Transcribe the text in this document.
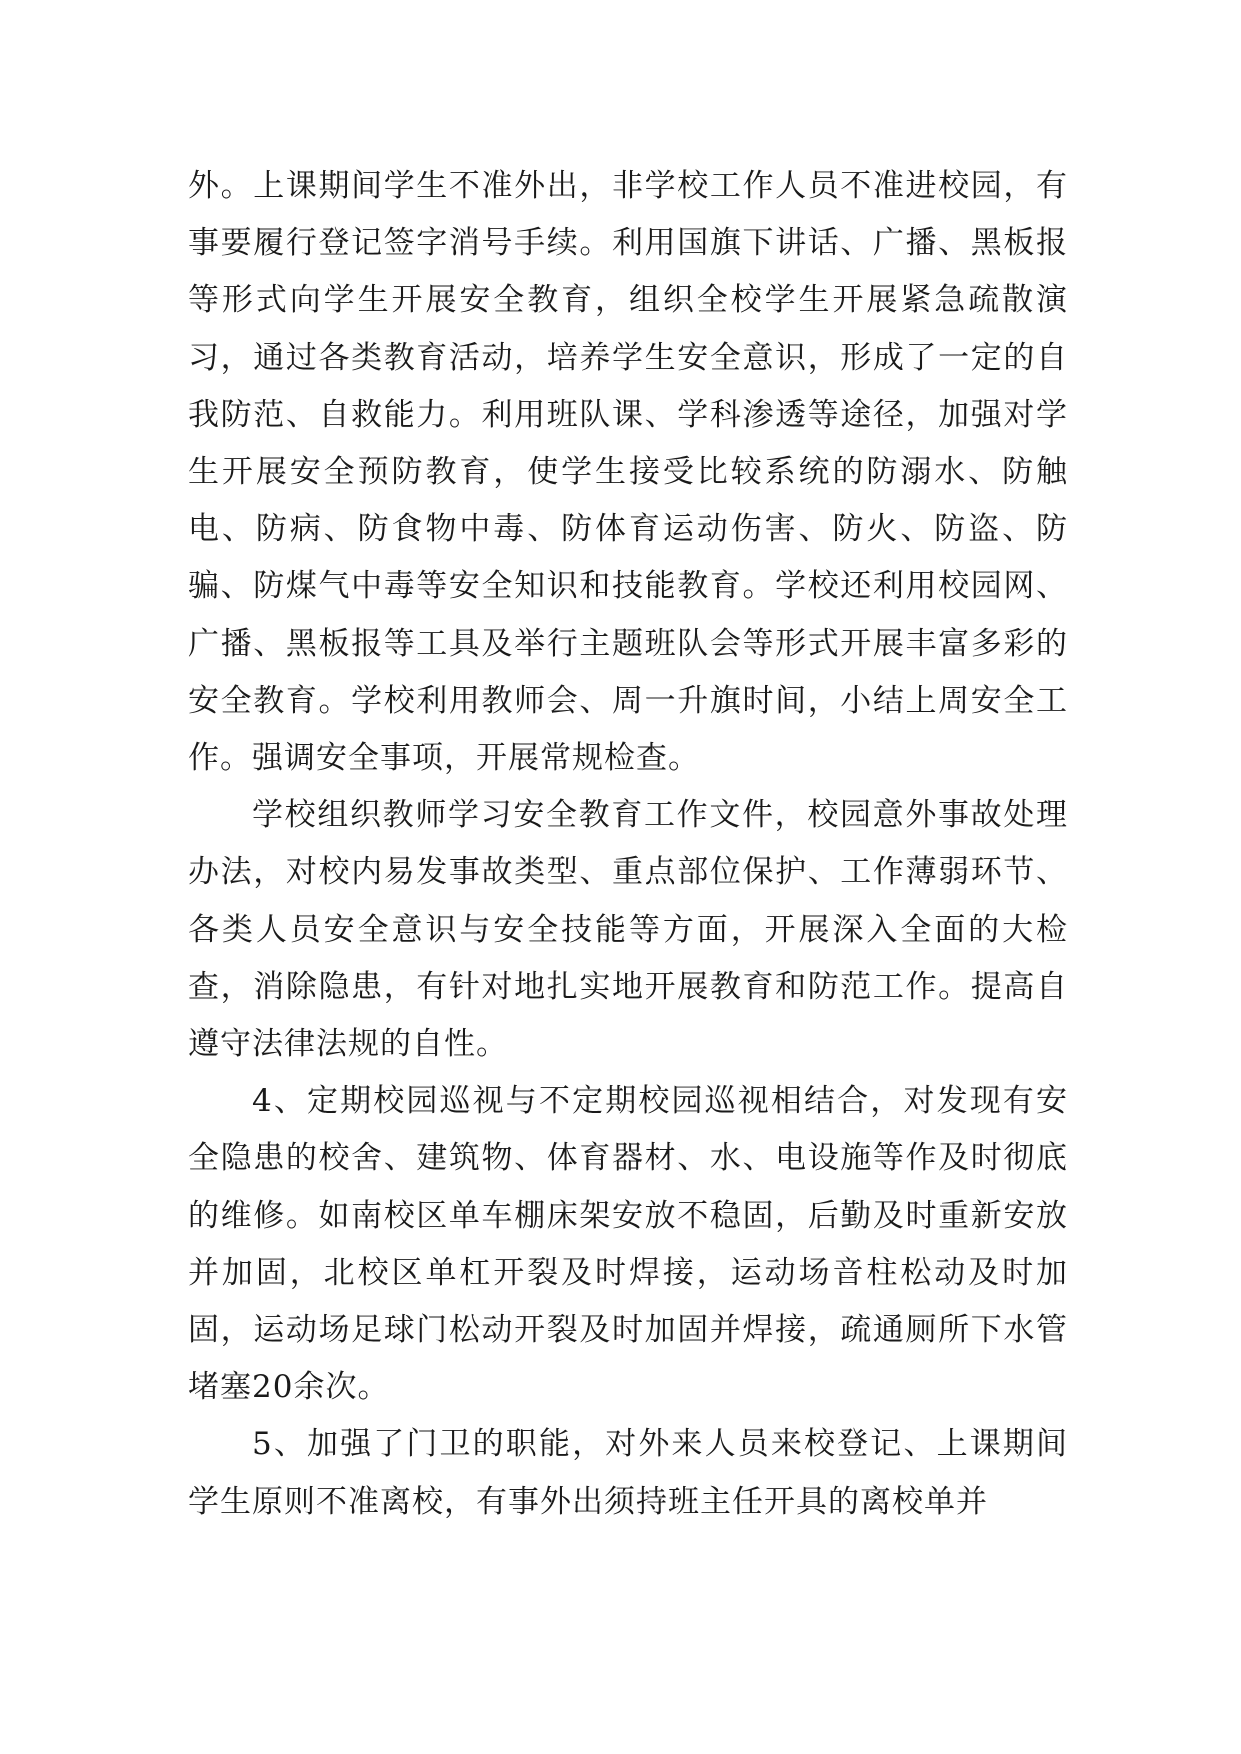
外。上课期间学生不准外出，非学校工作人员不准进校园，有事要履行登记签字消号手续。利用国旗下讲话、广播、黑板报等形式向学生开展安全教育，组织全校学生开展紧急疏散演习，通过各类教育活动，培养学生安全意识，形成了一定的自我防范、自救能力。利用班队课、学科渗透等途径，加强对学生开展安全预防教育，使学生接受比较系统的防溺水、防触电、防病、防食物中毒、防体育运动伤害、防火、防盗、防骗、防煤气中毒等安全知识和技能教育。学校还利用校园网、广播、黑板报等工具及举行主题班队会等形式开展丰富多彩的安全教育。学校利用教师会、周一升旗时间，小结上周安全工作。强调安全事项，开展常规检查。

学校组织教师学习安全教育工作文件，校园意外事故处理办法，对校内易发事故类型、重点部位保护、工作薄弱环节、各类人员安全意识与安全技能等方面，开展深入全面的大检查，消除隐患，有针对地扎实地开展教育和防范工作。提高自遵守法律法规的自性。

4、定期校园巡视与不定期校园巡视相结合，对发现有安全隐患的校舍、建筑物、体育器材、水、电设施等作及时彻底的维修。如南校区单车棚床架安放不稳固，后勤及时重新安放并加固，北校区单杠开裂及时焊接，运动场音柱松动及时加固，运动场足球门松动开裂及时加固并焊接，疏通厕所下水管堵塞20余次。

5、加强了门卫的职能，对外来人员来校登记、上课期间学生原则不准离校，有事外出须持班主任开具的离校单并
